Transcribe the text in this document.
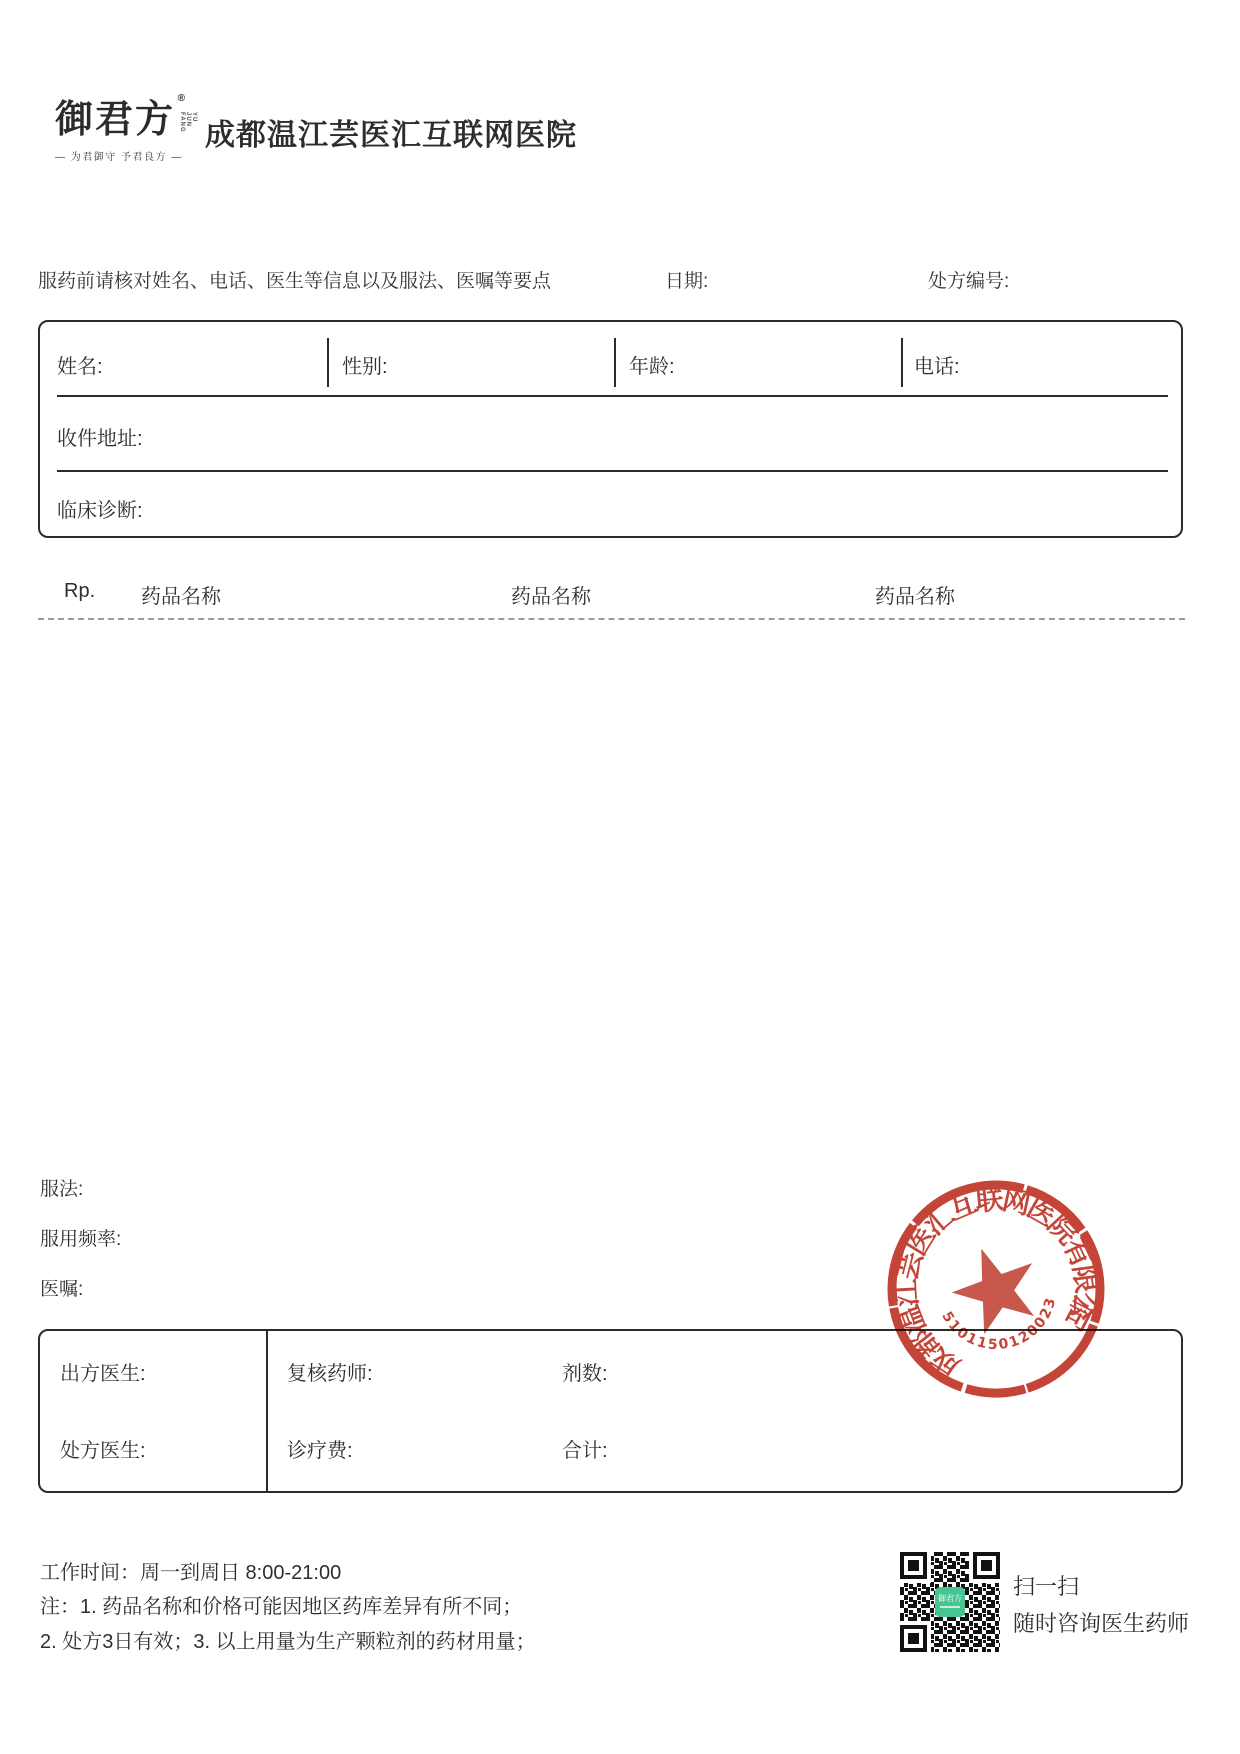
御君方 ®
YU JUN FANG
— 为君御守 予君良方 —
成都温江芸医汇互联网医院
服药前请核对姓名、电话、医生等信息以及服法、医嘱等要点	日期:	处方编号:
姓名:	性别:	年龄:	电话:
收件地址:
临床诊断:
Rp. 药品名称	药品名称	药品名称
服法:
服用频率:
医嘱:
出方医生:	复核药师:	剂数:
处方医生:	诊疗费:	合计:
成都温江芸医汇互联网医院有限公司
5101150120023
工作时间：周一到周日 8:00-21:00
注：1. 药品名称和价格可能因地区药库差异有所不同；
2. 处方3日有效；3. 以上用量为生产颗粒剂的药材用量；
御君方 扫一扫
随时咨询医生药师
